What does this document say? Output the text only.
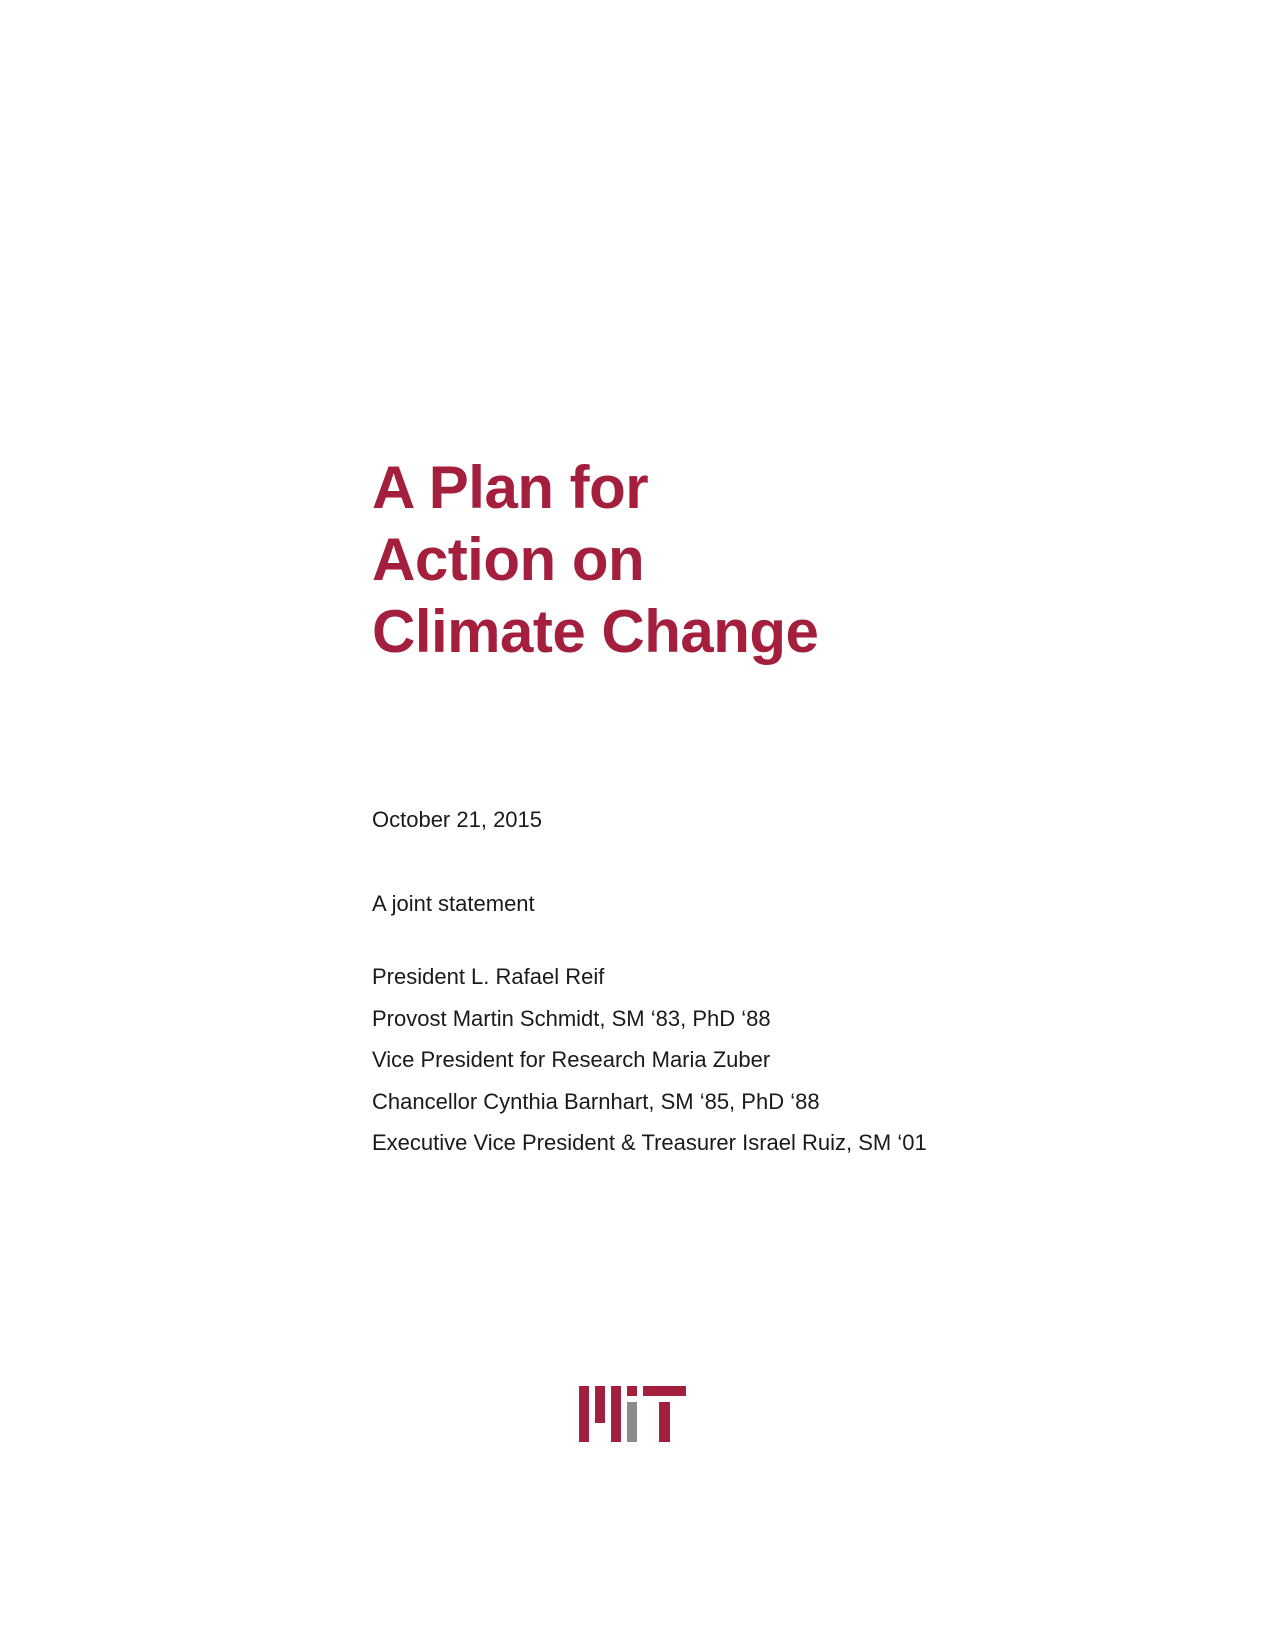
A Plan for
Action on
Climate Change
October 21, 2015
A joint statement
President L. Rafael Reif
Provost Martin Schmidt, SM ‘83, PhD ‘88
Vice President for Research Maria Zuber
Chancellor Cynthia Barnhart, SM ‘85, PhD ‘88
Executive Vice President & Treasurer Israel Ruiz, SM ‘01
